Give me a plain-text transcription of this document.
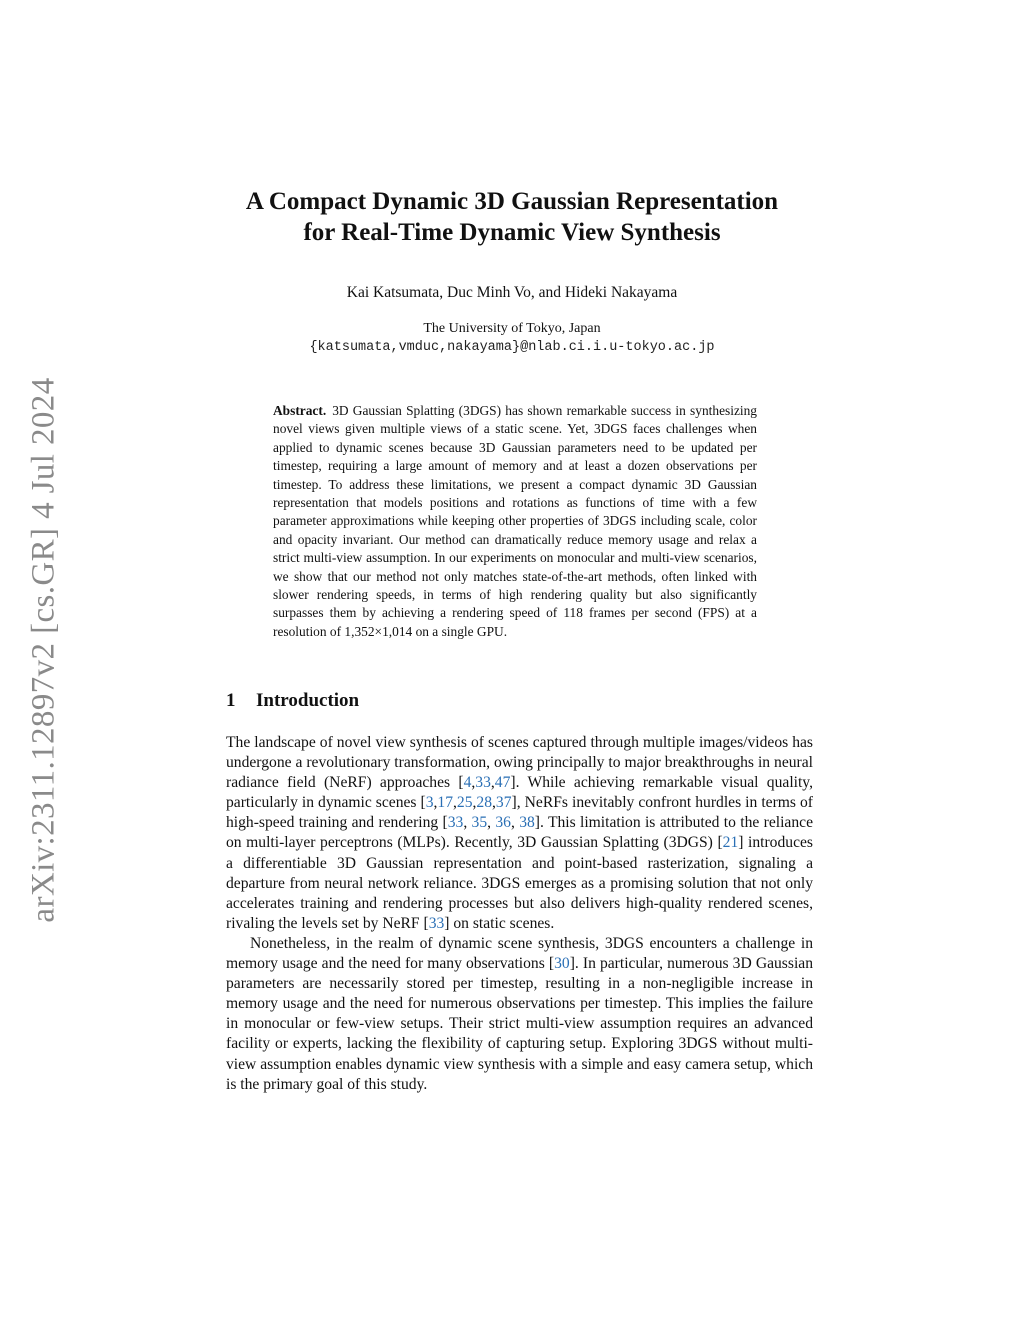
arXiv:2311.12897v2 [cs.GR] 4 Jul 2024
A Compact Dynamic 3D Gaussian Representation
for Real-Time Dynamic View Synthesis

Kai Katsumata, Duc Minh Vo, and Hideki Nakayama

The University of Tokyo, Japan
{katsumata,vmduc,nakayama}@nlab.ci.i.u-tokyo.ac.jp

Abstract. 3D Gaussian Splatting (3DGS) has shown remarkable success in synthesizing novel views given multiple views of a static scene. Yet, 3DGS faces challenges when applied to dynamic scenes because 3D Gaussian parameters need to be updated per timestep, requiring a large amount of memory and at least a dozen observations per timestep. To address these limitations, we present a compact dynamic 3D Gaussian representation that models positions and rotations as functions of time with a few parameter approximations while keeping other properties of 3DGS including scale, color and opacity invariant. Our method can dramatically reduce memory usage and relax a strict multi-view assumption. In our experiments on monocular and multi-view scenarios, we show that our method not only matches state-of-the-art methods, often linked with slower rendering speeds, in terms of high rendering quality but also significantly surpasses them by achieving a rendering speed of 118 frames per second (FPS) at a resolution of 1,352×1,014 on a single GPU.

1 Introduction

The landscape of novel view synthesis of scenes captured through multiple images/videos has undergone a revolutionary transformation, owing principally to major breakthroughs in neural radiance field (NeRF) approaches [4,33,47]. While achieving remarkable visual quality, particularly in dynamic scenes [3,17,25,28,37], NeRFs inevitably confront hurdles in terms of high-speed training and rendering [33, 35, 36, 38]. This limitation is attributed to the reliance on multi-layer perceptrons (MLPs). Recently, 3D Gaussian Splatting (3DGS) [21] introduces a differentiable 3D Gaussian representation and point-based rasterization, signaling a departure from neural network reliance. 3DGS emerges as a promising solution that not only accelerates training and rendering processes but also delivers high-quality rendered scenes, rivaling the levels set by NeRF [33] on static scenes.

Nonetheless, in the realm of dynamic scene synthesis, 3DGS encounters a challenge in memory usage and the need for many observations [30]. In particular, numerous 3D Gaussian parameters are necessarily stored per timestep, resulting in a non-negligible increase in memory usage and the need for numerous observations per timestep. This implies the failure in monocular or few-view setups. Their strict multi-view assumption requires an advanced facility or experts, lacking the flexibility of capturing setup. Exploring 3DGS without multi-view assumption enables dynamic view synthesis with a simple and easy camera setup, which is the primary goal of this study.
